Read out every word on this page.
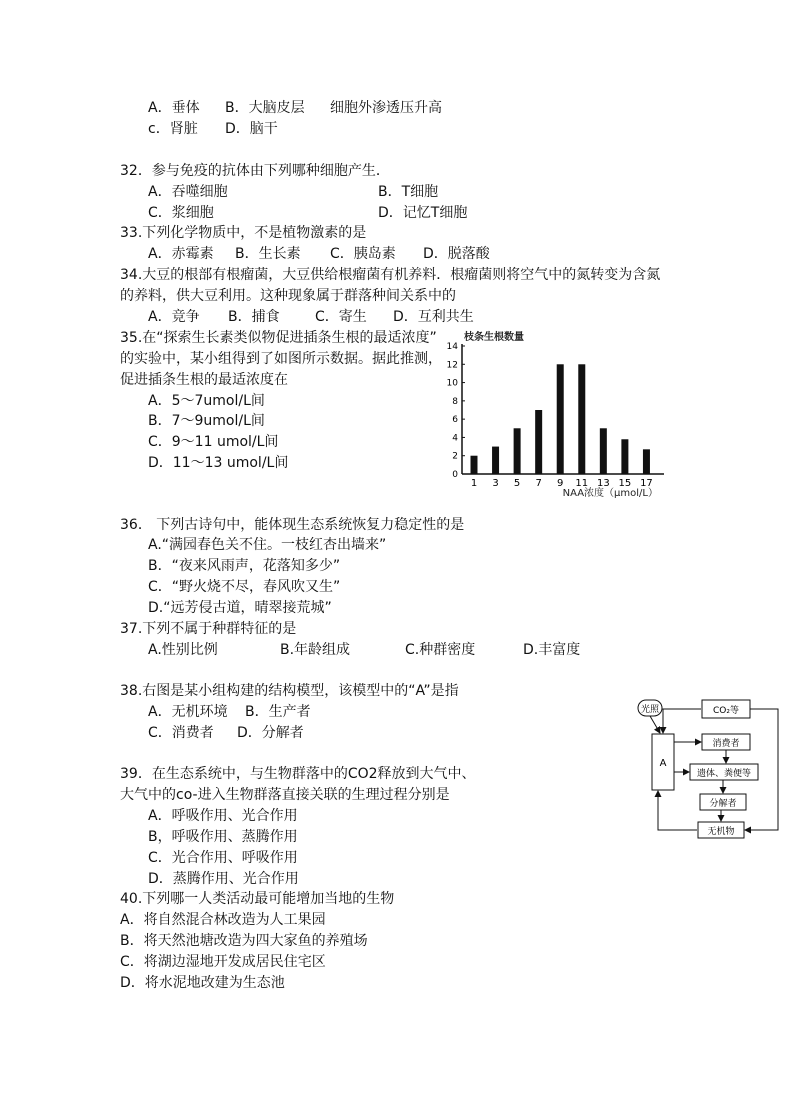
A．垂体 B．大脑皮层 细胞外渗透压升高
c．肾脏 D．脑干
32．参与免疫的抗体由下列哪种细胞产生．
A．吞噬细胞	B．T细胞
C．浆细胞	D．记忆T细胞
33.下列化学物质中，不是植物激素的是
A．赤霉素 B．生长素 C．胰岛素 D．脱落酸
34.大豆的根部有根瘤菌，大豆供给根瘤菌有机养料．根瘤菌则将空气中的氮转变为含氮
的养料，供大豆利用。这种现象属于群落种间关系中的
A．竞争 B．捕食	C．寄生 D．互利共生
35.在“探索生长素类似物促进插条生根的最适浓度”
的实验中，某小组得到了如图所示数据。据此推测，
促进插条生根的最适浓度在
A．5～7umol/L间
B．7～9umol/L间
C．9～11 umol/L间
D．11～13 umol/L间
枝条生根数量
0
2
4
6
8
10
12
14
1 3 5 7 9 11 13 15 17
NAA浓度（μmol/L）
36． 下列古诗句中，能体现生态系统恢复力稳定性的是
A.“满园春色关不住。一枝红杏出墙来”
B．“夜来风雨声，花落知多少”
C．“野火烧不尽，春风吹又生”
D.“远芳侵古道，晴翠接荒城”
37.下列不属于种群特征的是
A.性别比例	B.年龄组成	C.种群密度	D.丰富度
38.右图是某小组构建的结构模型，该模型中的“A”是指
A．无机环境 B．生产者
C．消费者 D．分解者
光照
A
CO₂等
消费者
遗体、粪便等
分解者
无机物
39．在生态系统中，与生物群落中的CO2释放到大气中、
大气中的co-进入生物群落直接关联的生理过程分别是
A．呼吸作用、光合作用
B，呼吸作用、蒸腾作用
C．光合作用、呼吸作用
D．蒸腾作用、光合作用
40.下列哪一人类活动最可能增加当地的生物
A．将自然混合林改造为人工果园
B．将天然池塘改造为四大家鱼的养殖场
C．将湖边湿地开发成居民住宅区
D．将水泥地改建为生态池
